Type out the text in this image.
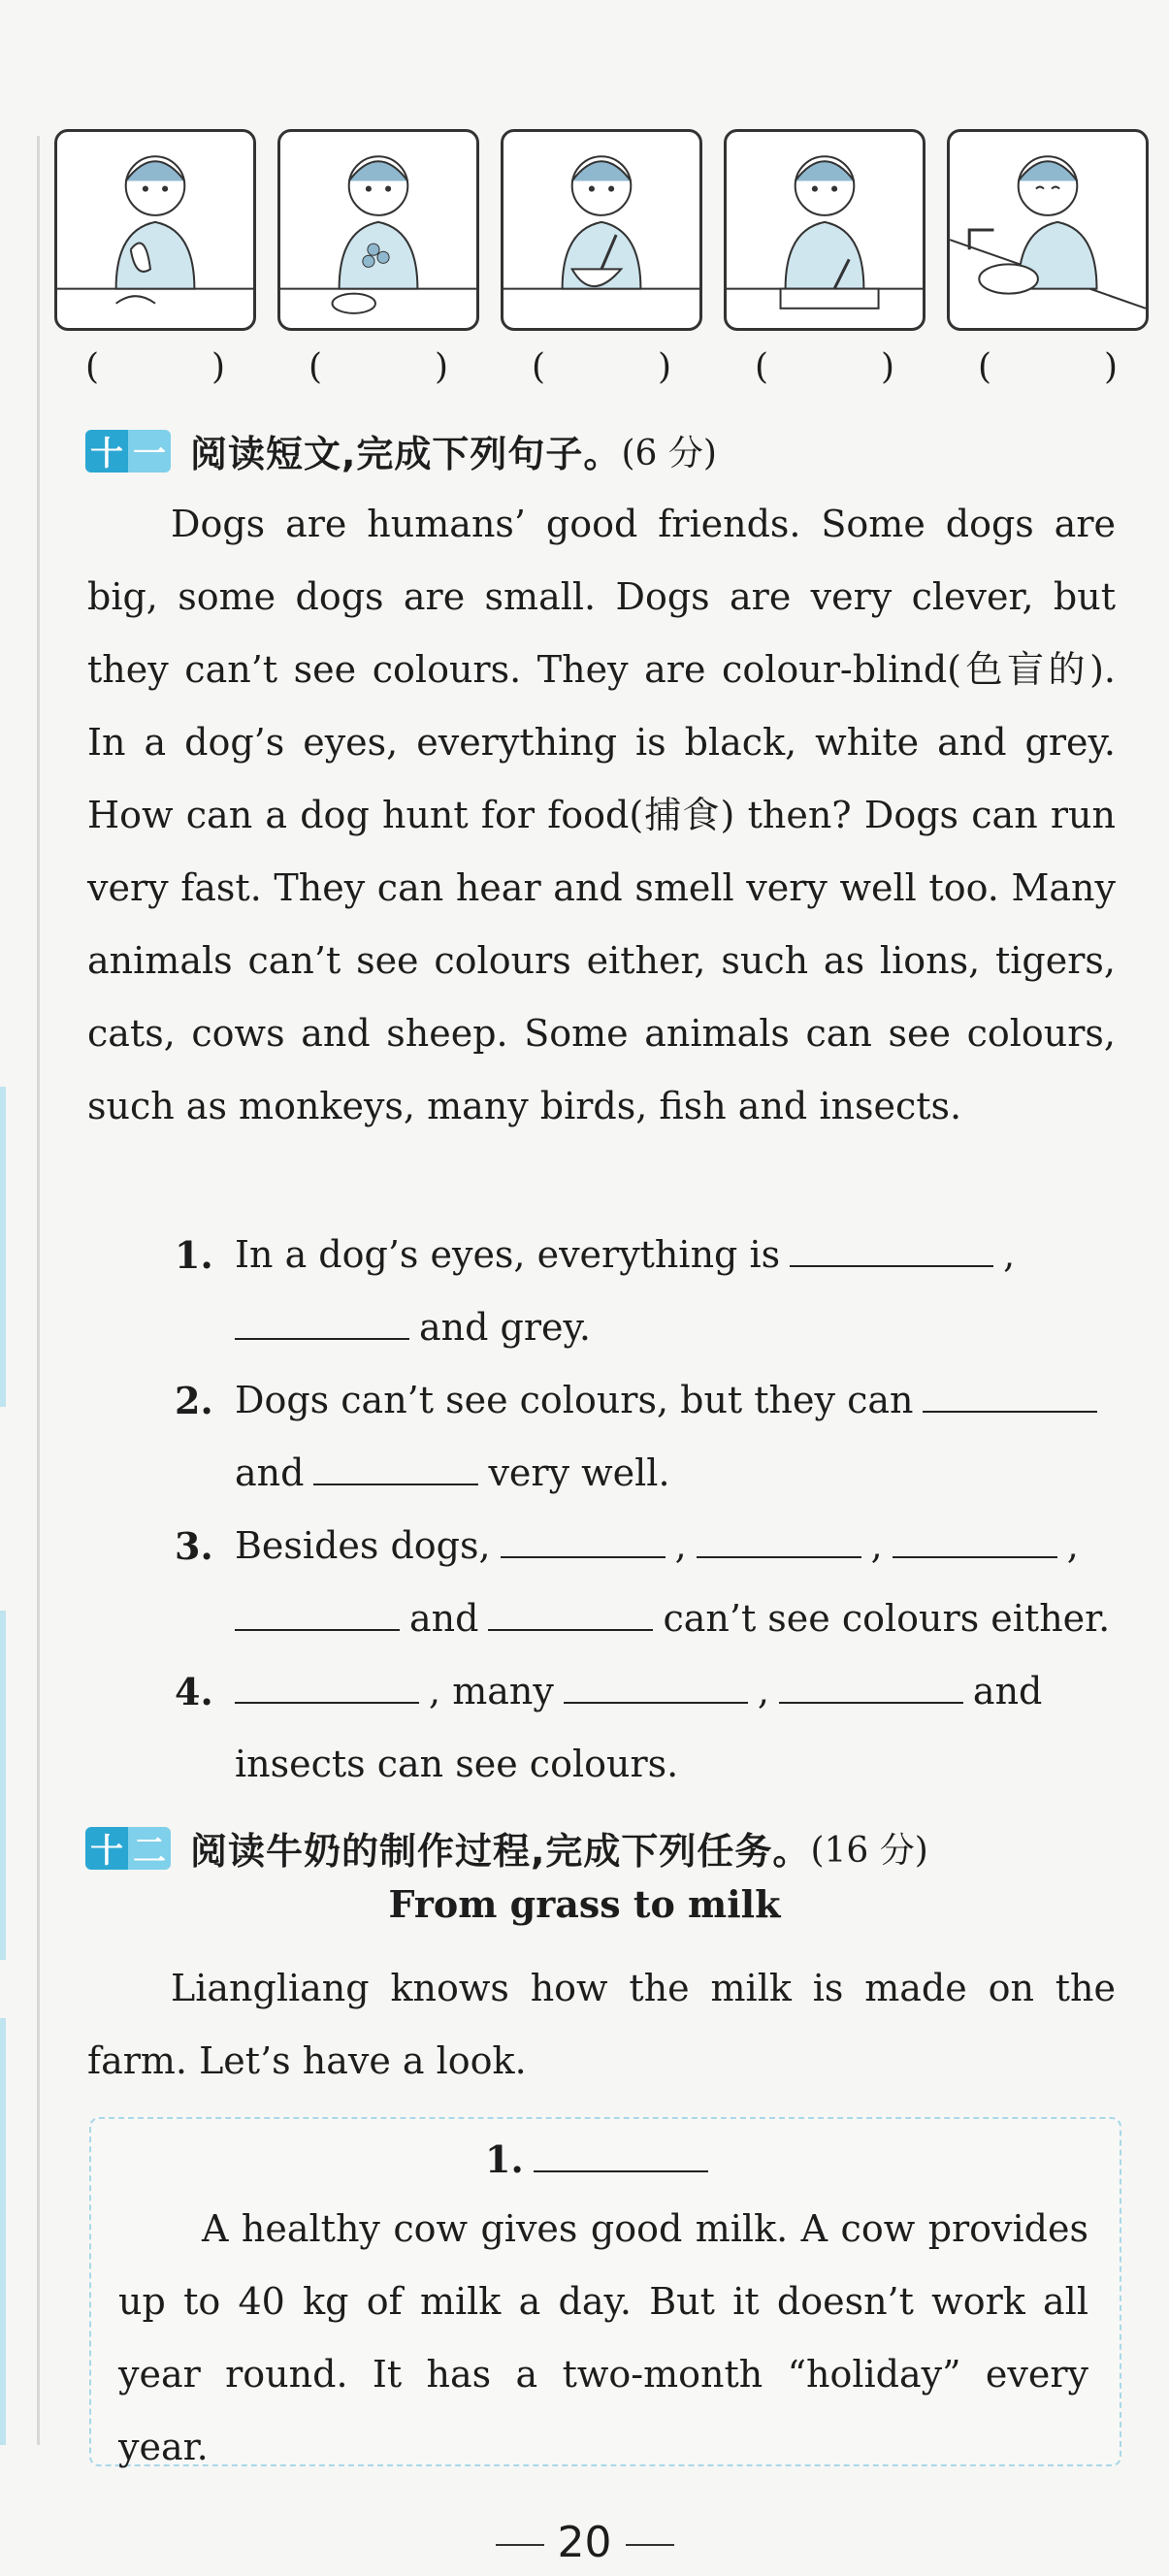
(	) (	) (	) (	) (	)
十 一 阅读短文,完成下列句子。 (6 分)

Dogs are humans’ good friends. Some dogs are big, some dogs are small. Dogs are very clever, but they can’t see colours. They are colour-blind(色盲的). In a dog’s eyes, everything is black, white and grey. How can a dog hunt for food(捕食) then? Dogs can run very fast. They can hear and smell very well too. Many animals can’t see colours either, such as lions, tigers, cats, cows and sheep. Some animals can see colours, such as monkeys, many birds, fish and insects.

1. In a dog’s eyes, everything is	,
and grey.
2. Dogs can’t see colours, but they can
and	very well.
3. Besides dogs,	,	,	,
and	can’t see colours either.
4.	, many	,	and
insects can see colours.
十 二 阅读牛奶的制作过程,完成下列任务。 (16 分)
From grass to milk

Liangliang knows how the milk is made on the farm. Let’s have a look.

1.

A healthy cow gives good milk. A cow provides up to 40 kg of milk a day. But it doesn’t work all year round. It has a two-month “holiday” every year.

20
